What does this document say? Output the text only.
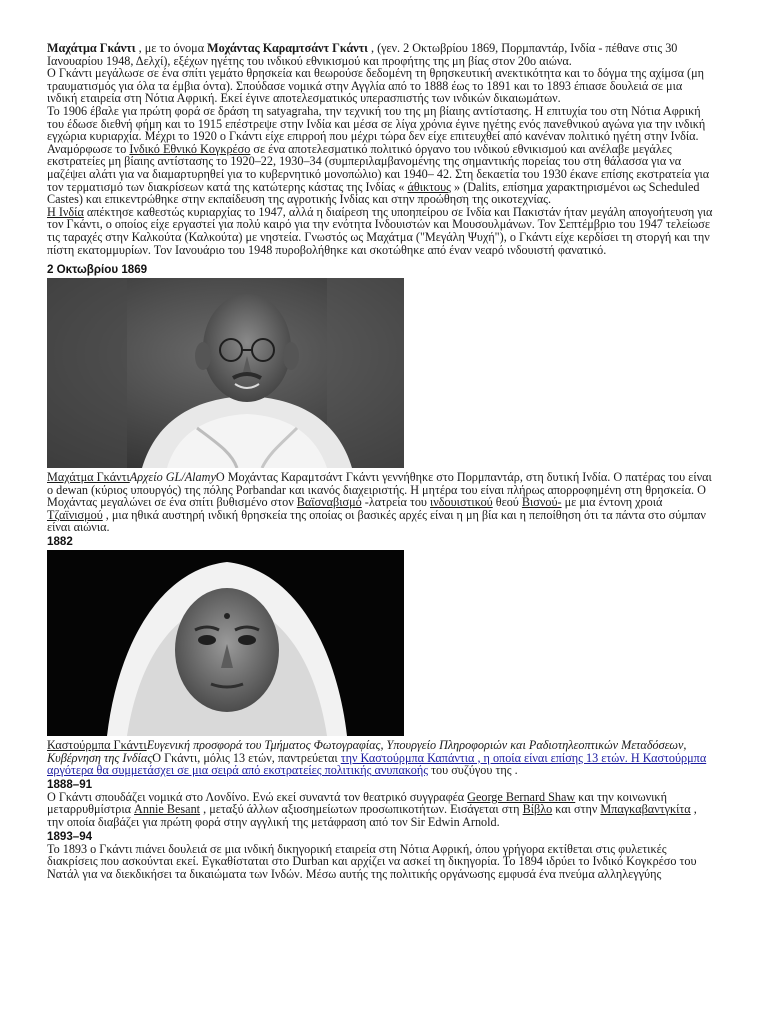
Μαχάτμα Γκάντι , με το όνομα Μοχάντας Καραμτσάντ Γκάντι , (γεν. 2 Οκτωβρίου 1869, Πορμπαντάρ, Ινδία - πέθανε στις 30 Ιανουαρίου 1948, Δελχί), εξέχων ηγέτης του ινδικού εθνικισμού και προφήτης της μη βίας στον 20ο αιώνα.

Ο Γκάντι μεγάλωσε σε ένα σπίτι γεμάτο θρησκεία και θεωρούσε δεδομένη τη θρησκευτική ανεκτικότητα και το δόγμα της αχίμσα (μη τραυματισμός για όλα τα έμβια όντα). Σπούδασε νομικά στην Αγγλία από το 1888 έως το 1891 και το 1893 έπιασε δουλειά σε μια ινδική εταιρεία στη Νότια Αφρική. Εκεί έγινε αποτελεσματικός υπερασπιστής των ινδικών δικαιωμάτων.

Το 1906 έβαλε για πρώτη φορά σε δράση τη satyagraha, την τεχνική του της μη βίαιης αντίστασης. Η επιτυχία του στη Νότια Αφρική του έδωσε διεθνή φήμη και το 1915 επέστρεψε στην Ινδία και μέσα σε λίγα χρόνια έγινε ηγέτης ενός πανεθνικού αγώνα για την ινδική εγχώρια κυριαρχία. Μέχρι το 1920 ο Γκάντι είχε επιρροή που μέχρι τώρα δεν είχε επιτευχθεί από κανέναν πολιτικό ηγέτη στην Ινδία.

Αναμόρφωσε το Ινδικό Εθνικό Κογκρέσο σε ένα αποτελεσματικό πολιτικό όργανο του ινδικού εθνικισμού και ανέλαβε μεγάλες εκστρατείες μη βίαιης αντίστασης το 1920–22, 1930–34 (συμπεριλαμβανομένης της σημαντικής πορείας του στη θάλασσα για να μαζέψει αλάτι για να διαμαρτυρηθεί για το κυβερνητικό μονοπώλιο) και 1940– 42. Στη δεκαετία του 1930 έκανε επίσης εκστρατεία για τον τερματισμό των διακρίσεων κατά της κατώτερης κάστας της Ινδίας « άθικτους » (Dalits, επίσημα χαρακτηρισμένοι ως Scheduled Castes) και επικεντρώθηκε στην εκπαίδευση της αγροτικής Ινδίας και στην προώθηση της οικοτεχνίας.

Η Ινδία απέκτησε καθεστώς κυριαρχίας το 1947, αλλά η διαίρεση της υποηπείρου σε Ινδία και Πακιστάν ήταν μεγάλη απογοήτευση για τον Γκάντι, ο οποίος είχε εργαστεί για πολύ καιρό για την ενότητα Ινδουιστών και Μουσουλμάνων. Τον Σεπτέμβριο του 1947 τελείωσε τις ταραχές στην Καλκούτα (Καλκούτα) με νηστεία. Γνωστός ως Μαχάτμα ("Μεγάλη Ψυχή"), ο Γκάντι είχε κερδίσει τη στοργή και την πίστη εκατομμυρίων. Τον Ιανουάριο του 1948 πυροβολήθηκε και σκοτώθηκε από έναν νεαρό ινδουιστή φανατικό.

2 Οκτωβρίου 1869

Μαχάτμα ΓκάντιΑρχείο GL/AlamyΟ Μοχάντας Καραμτσάντ Γκάντι γεννήθηκε στο Πορμπαντάρ, στη δυτική Ινδία. Ο πατέρας του είναι ο dewan (κύριος υπουργός) της πόλης Porbandar και ικανός διαχειριστής. Η μητέρα του είναι πλήρως απορροφημένη στη θρησκεία. Ο Μοχάντας μεγαλώνει σε ένα σπίτι βυθισμένο στον Βαϊσναβισμό -λατρεία του ινδουιστικού θεού Βισνού- με μια έντονη χροιά Τζαϊνισμού , μια ηθικά αυστηρή ινδική θρησκεία της οποίας οι βασικές αρχές είναι η μη βία και η πεποίθηση ότι τα πάντα στο σύμπαν είναι αιώνια.

1882

Καστούρμπα ΓκάντιΕυγενική προσφορά του Τμήματος Φωτογραφίας, Υπουργείο Πληροφοριών και Ραδιοτηλεοπτικών Μεταδόσεων, Κυβέρνηση της ΙνδίαςΟ Γκάντι, μόλις 13 ετών, παντρεύεται την Καστούρμπα Καπάντια , η οποία είναι επίσης 13 ετών. Η Καστούρμπα αργότερα θα συμμετάσχει σε μια σειρά από εκστρατείες πολιτικής ανυπακοής του συζύγου της .

1888–91

Ο Γκάντι σπουδάζει νομικά στο Λονδίνο. Ενώ εκεί συναντά τον θεατρικό συγγραφέα George Bernard Shaw και την κοινωνική μεταρρυθμίστρια Annie Besant , μεταξύ άλλων αξιοσημείωτων προσωπικοτήτων. Εισάγεται στη Βίβλο και στην Μπαγκαβαντγκίτα , την οποία διαβάζει για πρώτη φορά στην αγγλική της μετάφραση από τον Sir Edwin Arnold.

1893–94

Το 1893 ο Γκάντι πιάνει δουλειά σε μια ινδική δικηγορική εταιρεία στη Νότια Αφρική, όπου γρήγορα εκτίθεται στις φυλετικές διακρίσεις που ασκούνται εκεί. Εγκαθίσταται στο Durban και αρχίζει να ασκεί τη δικηγορία. Το 1894 ιδρύει το Ινδικό Κογκρέσο του Νατάλ για να διεκδικήσει τα δικαιώματα των Ινδών. Μέσω αυτής της πολιτικής οργάνωσης εμφυσά ένα πνεύμα αλληλεγγύης
